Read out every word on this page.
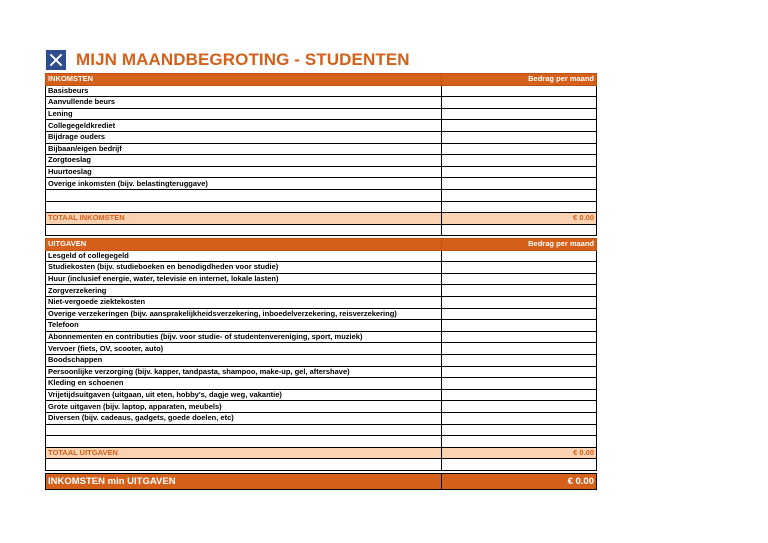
MIJN MAANDBEGROTING - STUDENTEN
INKOMSTEN	Bedrag per maand
Basisbeurs	
Aanvullende beurs	
Lening	
Collegegeldkrediet	
Bijdrage ouders	
Bijbaan/eigen bedrijf	
Zorgtoeslag	
Huurtoeslag	
Overige inkomsten (bijv. belastingteruggave)	

TOTAAL INKOMSTEN	€ 0.00

UITGAVEN	Bedrag per maand
Lesgeld of collegegeld	
Studiekosten (bijv. studieboeken en benodigdheden voor studie)	
Huur (inclusief energie, water, televisie en internet, lokale lasten)	
Zorgverzekering	
Niet-vergoede ziektekosten	
Overige verzekeringen (bijv. aansprakelijkheidsverzekering, inboedelverzekering, reisverzekering)	
Telefoon	
Abonnementen en contributies (bijv. voor studie- of studentenvereniging, sport, muziek)	
Vervoer (fiets, OV, scooter, auto)	
Boodschappen	
Persoonlijke verzorging (bijv. kapper, tandpasta, shampoo, make-up, gel, aftershave)	
Kleding en schoenen	
Vrijetijdsuitgaven (uitgaan, uit eten, hobby's, dagje weg, vakantie)	
Grote uitgaven (bijv. laptop, apparaten, meubels)	
Diversen (bijv. cadeaus, gadgets, goede doelen, etc)	

TOTAAL UITGAVEN	€ 0.00

INKOMSTEN min UITGAVEN	€ 0.00
